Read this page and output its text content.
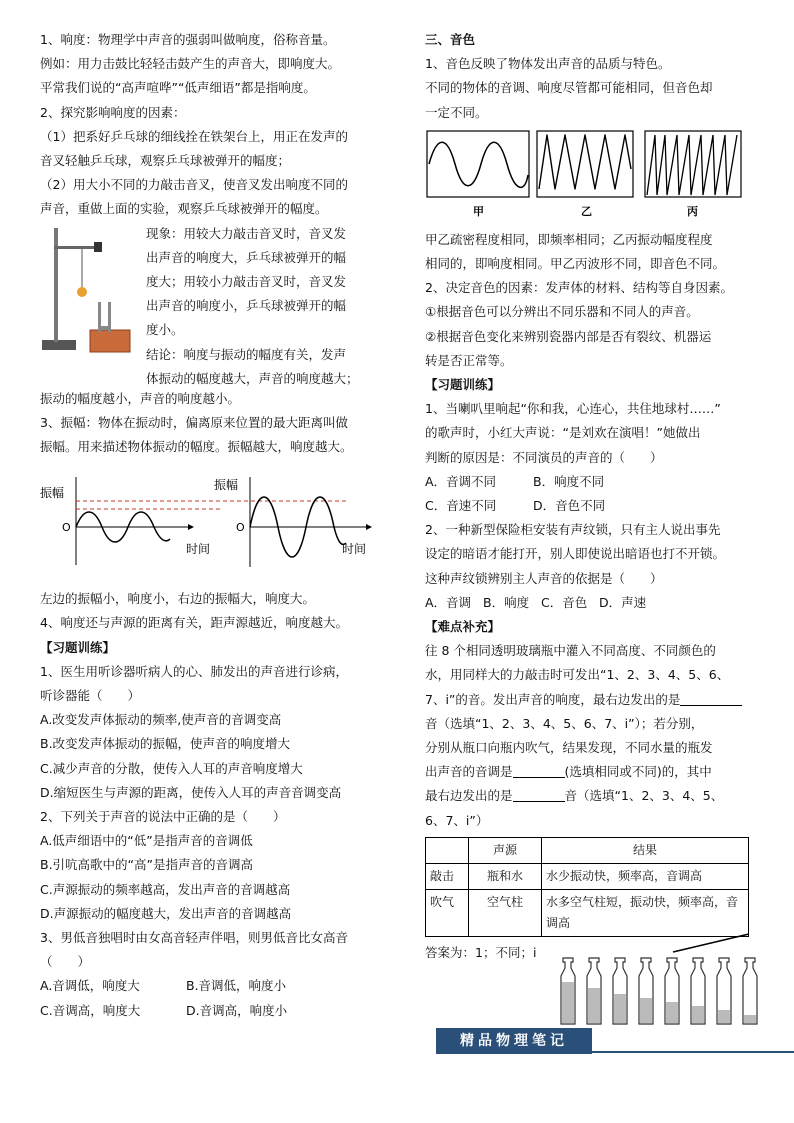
1、响度：物理学中声音的强弱叫做响度，俗称音量。
例如：用力击鼓比轻轻击鼓产生的声音大，即响度大。
平常我们说的“高声喧哗”“低声细语”都是指响度。
2、探究影响响度的因素：
（1）把系好乒乓球的细线拴在铁架台上，用正在发声的
音叉轻触乒乓球，观察乒乓球被弹开的幅度；
（2）用大小不同的力敲击音叉，使音叉发出响度不同的
声音，重做上面的实验，观察乒乓球被弹开的幅度。
现象：用较大力敲击音叉时，音叉发
出声音的响度大，乒乓球被弹开的幅
度大；用较小力敲击音叉时，音叉发
出声音的响度小，乒乓球被弹开的幅
度小。
结论：响度与振动的幅度有关，发声
体振动的幅度越大，声音的响度越大；
振动的幅度越小，声音的响度越小。
3、振幅：物体在振动时，偏离原来位置的最大距离叫做
振幅。用来描述物体振动的幅度。振幅越大，响度越大。
振幅
O
时间
振幅
O
时间
左边的振幅小，响度小，右边的振幅大，响度大。
4、响度还与声源的距离有关，距声源越近，响度越大。
【习题训练】
1、医生用听诊器听病人的心、肺发出的声音进行诊病，
听诊器能（　　）
A.改变发声体振动的频率,使声音的音调变高
B.改变发声体振动的振幅，使声音的响度增大
C.减少声音的分散，使传入人耳的声音响度增大
D.缩短医生与声源的距离，使传入人耳的声音音调变高
2、下列关于声音的说法中正确的是（　　）
A.低声细语中的“低”是指声音的音调低
B.引吭高歌中的“高”是指声音的音调高
C.声源振动的频率越高，发出声音的音调越高
D.声源振动的幅度越大，发出声音的音调越高
3、男低音独唱时由女高音轻声伴唱，则男低音比女高音
（　　）
A.音调低，响度大	B.音调低，响度小
C.音调高，响度大	D.音调高，响度小
三、音色
1、音色反映了物体发出声音的品质与特色。
不同的物体的音调、响度尽管都可能相同，但音色却
一定不同。
甲	乙	丙
甲乙疏密程度相同，即频率相同；乙丙振动幅度程度
相同的，即响度相同。甲乙丙波形不同，即音色不同。
2、决定音色的因素：发声体的材料、结构等自身因素。
①根据音色可以分辨出不同乐器和不同人的声音。
②根据音色变化来辨别瓷器内部是否有裂纹、机器运
转是否正常等。
【习题训练】
1、当喇叭里响起“你和我，心连心，共住地球村……”
的歌声时，小红大声说：“是刘欢在演唱！”她做出
判断的原因是：不同演员的声音的（　　）
A．音调不同	B．响度不同
C．音速不同	D．音色不同
2、一种新型保险柜安装有声纹锁，只有主人说出事先
设定的暗语才能打开，别人即使说出暗语也打不开锁。
这种声纹锁辨别主人声音的依据是（　　）
A．音调 B．响度 C．音色 D．声速
【难点补充】
往 8 个相同透明玻璃瓶中灌入不同高度、不同颜色的
水，用同样大的力敲击时可发出“1、2、3、4、5、6、
7、i”的音。发出声音的响度，最右边发出的是
音（选填“1、2、3、4、5、6、7、i”）；若分别，
分别从瓶口向瓶内吹气，结果发现，不同水量的瓶发
出声音的音调是	(选填相同或不同)的，其中
最右边发出的是	音（选填“1、2、3、4、5、
6、7、i”）
	声源	结果
敲击	瓶和水	水少振动快，频率高，音调高
吹气	空气柱	水多空气柱短，振动快，频率高，音调高
答案为：1；不同；i
精品物理笔记
